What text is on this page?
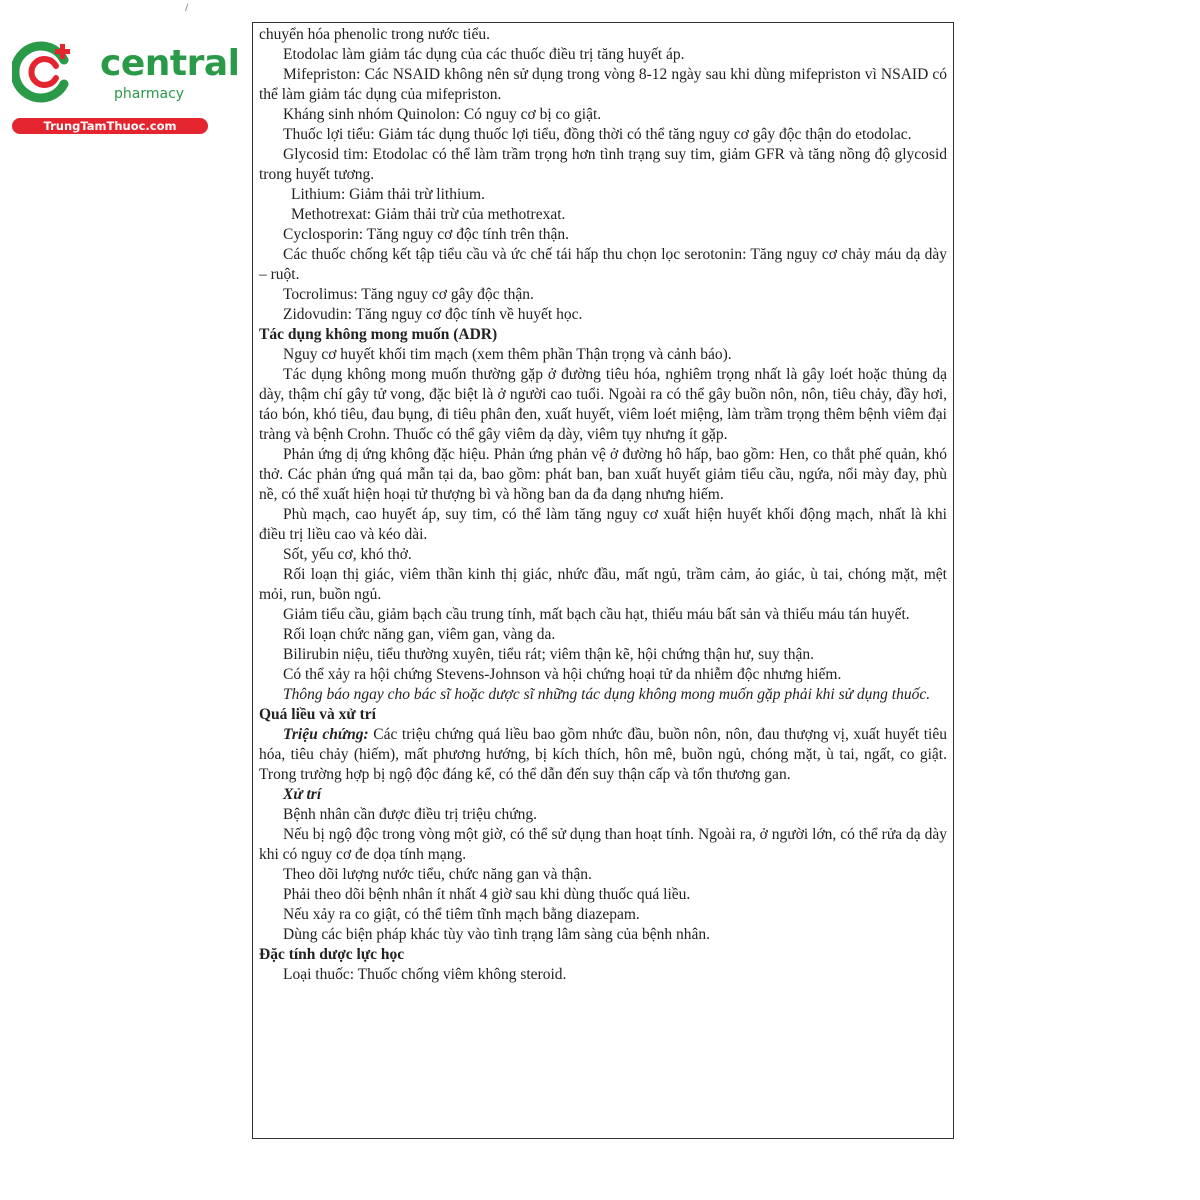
central
pharmacy
TrungTamThuoc.com

chuyển hóa phenolic trong nước tiểu.

Etodolac làm giảm tác dụng của các thuốc điều trị tăng huyết áp.

Mifepriston: Các NSAID không nên sử dụng trong vòng 8-12 ngày sau khi dùng mifepriston vì NSAID có thể làm giảm tác dụng của mifepriston.

Kháng sinh nhóm Quinolon: Có nguy cơ bị co giật.

Thuốc lợi tiểu: Giảm tác dụng thuốc lợi tiểu, đồng thời có thể tăng nguy cơ gây độc thận do etodolac.

Glycosid tim: Etodolac có thể làm trầm trọng hơn tình trạng suy tim, giảm GFR và tăng nồng độ glycosid trong huyết tương.

Lithium: Giảm thải trừ lithium.

Methotrexat: Giảm thải trừ của methotrexat.

Cyclosporin: Tăng nguy cơ độc tính trên thận.

Các thuốc chống kết tập tiểu cầu và ức chế tái hấp thu chọn lọc serotonin: Tăng nguy cơ chảy máu dạ dày – ruột.

Tocrolimus: Tăng nguy cơ gây độc thận.

Zidovudin: Tăng nguy cơ độc tính về huyết học.

Tác dụng không mong muốn (ADR)

Nguy cơ huyết khối tim mạch (xem thêm phần Thận trọng và cảnh báo).

Tác dụng không mong muốn thường gặp ở đường tiêu hóa, nghiêm trọng nhất là gây loét hoặc thủng dạ dày, thậm chí gây tử vong, đặc biệt là ở người cao tuổi. Ngoài ra có thể gây buồn nôn, nôn, tiêu chảy, đầy hơi, táo bón, khó tiêu, đau bụng, đi tiêu phân đen, xuất huyết, viêm loét miệng, làm trầm trọng thêm bệnh viêm đại tràng và bệnh Crohn. Thuốc có thể gây viêm dạ dày, viêm tụy nhưng ít gặp.

Phản ứng dị ứng không đặc hiệu. Phản ứng phản vệ ở đường hô hấp, bao gồm: Hen, co thắt phế quản, khó thở. Các phản ứng quá mẫn tại da, bao gồm: phát ban, ban xuất huyết giảm tiểu cầu, ngứa, nổi mày đay, phù nề, có thể xuất hiện hoại tử thượng bì và hồng ban da đa dạng nhưng hiếm.

Phù mạch, cao huyết áp, suy tim, có thể làm tăng nguy cơ xuất hiện huyết khối động mạch, nhất là khi điều trị liều cao và kéo dài.

Sốt, yếu cơ, khó thở.

Rối loạn thị giác, viêm thần kinh thị giác, nhức đầu, mất ngủ, trầm cảm, ảo giác, ù tai, chóng mặt, mệt mỏi, run, buồn ngủ.

Giảm tiểu cầu, giảm bạch cầu trung tính, mất bạch cầu hạt, thiếu máu bất sản và thiếu máu tán huyết.

Rối loạn chức năng gan, viêm gan, vàng da.

Bilirubin niệu, tiểu thường xuyên, tiểu rát; viêm thận kẽ, hội chứng thận hư, suy thận.

Có thể xảy ra hội chứng Stevens-Johnson và hội chứng hoại tử da nhiễm độc nhưng hiếm.

Thông báo ngay cho bác sĩ hoặc dược sĩ những tác dụng không mong muốn gặp phải khi sử dụng thuốc.

Quá liều và xử trí

Triệu chứng: Các triệu chứng quá liều bao gồm nhức đầu, buồn nôn, nôn, đau thượng vị, xuất huyết tiêu hóa, tiêu chảy (hiếm), mất phương hướng, bị kích thích, hôn mê, buồn ngủ, chóng mặt, ù tai, ngất, co giật. Trong trường hợp bị ngộ độc đáng kể, có thể dẫn đến suy thận cấp và tổn thương gan.

Xử trí

Bệnh nhân cần được điều trị triệu chứng.

Nếu bị ngộ độc trong vòng một giờ, có thể sử dụng than hoạt tính. Ngoài ra, ở người lớn, có thể rửa dạ dày khi có nguy cơ đe dọa tính mạng.

Theo dõi lượng nước tiểu, chức năng gan và thận.

Phải theo dõi bệnh nhân ít nhất 4 giờ sau khi dùng thuốc quá liều.

Nếu xảy ra co giật, có thể tiêm tĩnh mạch bằng diazepam.

Dùng các biện pháp khác tùy vào tình trạng lâm sàng của bệnh nhân.

Đặc tính dược lực học

Loại thuốc: Thuốc chống viêm không steroid.
